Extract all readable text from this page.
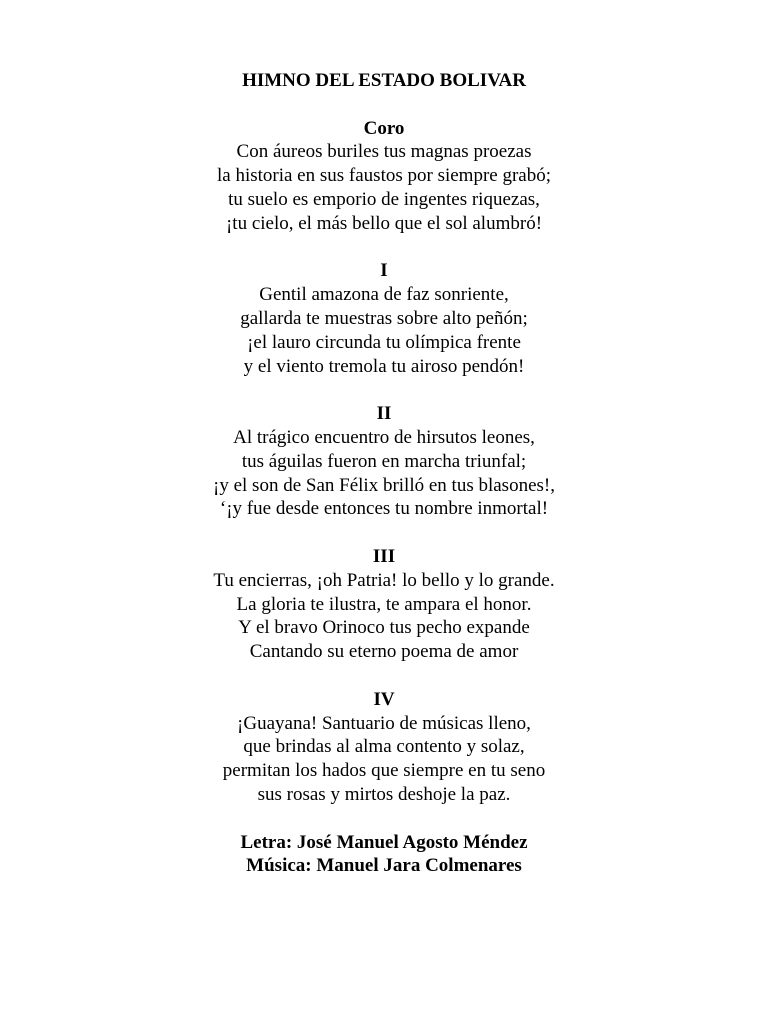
HIMNO DEL ESTADO BOLIVAR
Coro
Con áureos buriles tus magnas proezas
la historia en sus faustos por siempre grabó;
tu suelo es emporio de ingentes riquezas,
¡tu cielo, el más bello que el sol alumbró!
I
Gentil amazona de faz sonriente,
gallarda te muestras sobre alto peñón;
¡el lauro circunda tu olímpica frente
y el viento tremola tu airoso pendón!
II
Al trágico encuentro de hirsutos leones,
tus águilas fueron en marcha triunfal;
¡y el son de San Félix brilló en tus blasones!,
‘¡y fue desde entonces tu nombre inmortal!
III
Tu encierras, ¡oh Patria! lo bello y lo grande.
La gloria te ilustra, te ampara el honor.
Y el bravo Orinoco tus pecho expande
Cantando su eterno poema de amor
IV
¡Guayana! Santuario de músicas lleno,
que brindas al alma contento y solaz,
permitan los hados que siempre en tu seno
sus rosas y mirtos deshoje la paz.
Letra: José Manuel Agosto Méndez
Música: Manuel Jara Colmenares
